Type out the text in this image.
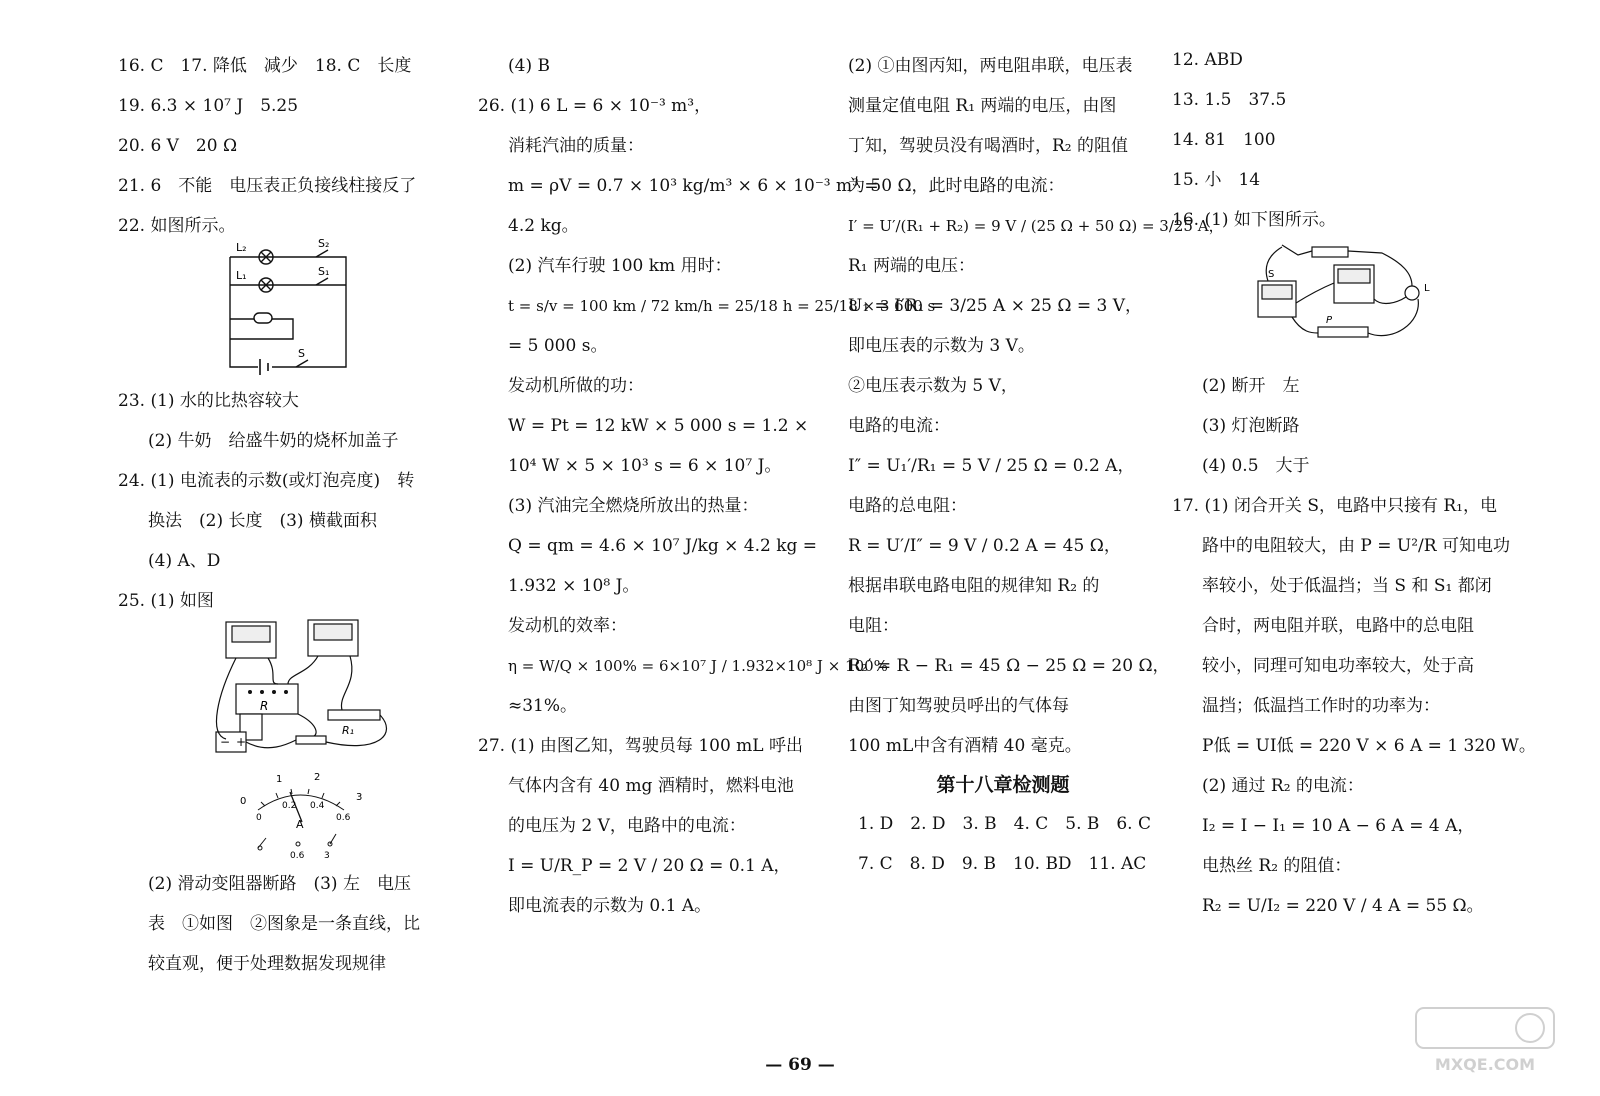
16. C　17. 降低　减少　18. C　长度
19. 6.3 × 10⁷ J　5.25
20. 6 V　20 Ω
21. 6　不能　电压表正负接线柱接反了
22. 如图所示。
L₂
L₁
S₂
S₁
S
23. (1) 水的比热容较大
(2) 牛奶　给盛牛奶的烧杯加盖子
24. (1) 电流表的示数(或灯泡亮度)　转
换法　(2) 长度　(3) 横截面积
(4) A、D
25. (1) 如图
R
R₁
− +

0
1	2
3
0
0.2 0.4
0.6
A
0.6 3
(2) 滑动变阻器断路　(3) 左　电压
表　①如图　②图象是一条直线，比
较直观，便于处理数据发现规律
(4) B
26. (1) 6 L = 6 × 10⁻³ m³，
消耗汽油的质量：
m = ρV = 0.7 × 10³ kg/m³ × 6 × 10⁻³ m³ =
4.2 kg。
(2) 汽车行驶 100 km 用时：
t = s/v = 100 km / 72 km/h = 25/18 h = 25/18 × 3 600 s
= 5 000 s。
发动机所做的功：
W = Pt = 12 kW × 5 000 s = 1.2 ×
10⁴ W × 5 × 10³ s = 6 × 10⁷ J。
(3) 汽油完全燃烧所放出的热量：
Q = qm = 4.6 × 10⁷ J/kg × 4.2 kg =
1.932 × 10⁸ J。
发动机的效率：
η = W/Q × 100% = 6×10⁷ J / 1.932×10⁸ J × 100%
≈31%。
27. (1) 由图乙知，驾驶员每 100 mL 呼出
气体内含有 40 mg 酒精时，燃料电池
的电压为 2 V，电路中的电流：
I = U/R_P = 2 V / 20 Ω = 0.1 A，
即电流表的示数为 0.1 A。
(2) ①由图丙知，两电阻串联，电压表
测量定值电阻 R₁ 两端的电压，由图
丁知，驾驶员没有喝酒时，R₂ 的阻值
为 50 Ω，此时电路的电流：
I′ = U′/(R₁ + R₂) = 9 V / (25 Ω + 50 Ω) = 3/25 A，
R₁ 两端的电压：
U₁ = I′R₁ = 3/25 A × 25 Ω = 3 V，
即电压表的示数为 3 V。
②电压表示数为 5 V，
电路的电流：
I″ = U₁′/R₁ = 5 V / 25 Ω = 0.2 A，
电路的总电阻：
R = U′/I″ = 9 V / 0.2 A = 45 Ω，
根据串联电路电阻的规律知 R₂ 的
电阻：
R₂′ = R − R₁ = 45 Ω − 25 Ω = 20 Ω，
由图丁知驾驶员呼出的气体每
100 mL中含有酒精 40 毫克。
第十八章检测题
1. D　2. D　3. B　4. C　5. B　6. C
7. C　8. D　9. B　10. BD　11. AC
12. ABD
13. 1.5　37.5
14. 81　100
15. 小　14
16. (1) 如下图所示。
S
L
P
(2) 断开　左
(3) 灯泡断路
(4) 0.5　大于
17. (1) 闭合开关 S，电路中只接有 R₁，电
路中的电阻较大，由 P = U²/R 可知电功
率较小，处于低温挡；当 S 和 S₁ 都闭
合时，两电阻并联，电路中的总电阻
较小，同理可知电功率较大，处于高
温挡；低温挡工作时的功率为：
P低 = UI低 = 220 V × 6 A = 1 320 W。
(2) 通过 R₂ 的电流：
I₂ = I − I₁ = 10 A − 6 A = 4 A，
电热丝 R₂ 的阻值：
R₂ = U/I₂ = 220 V / 4 A = 55 Ω。
— 69 —	MXQE.COM
